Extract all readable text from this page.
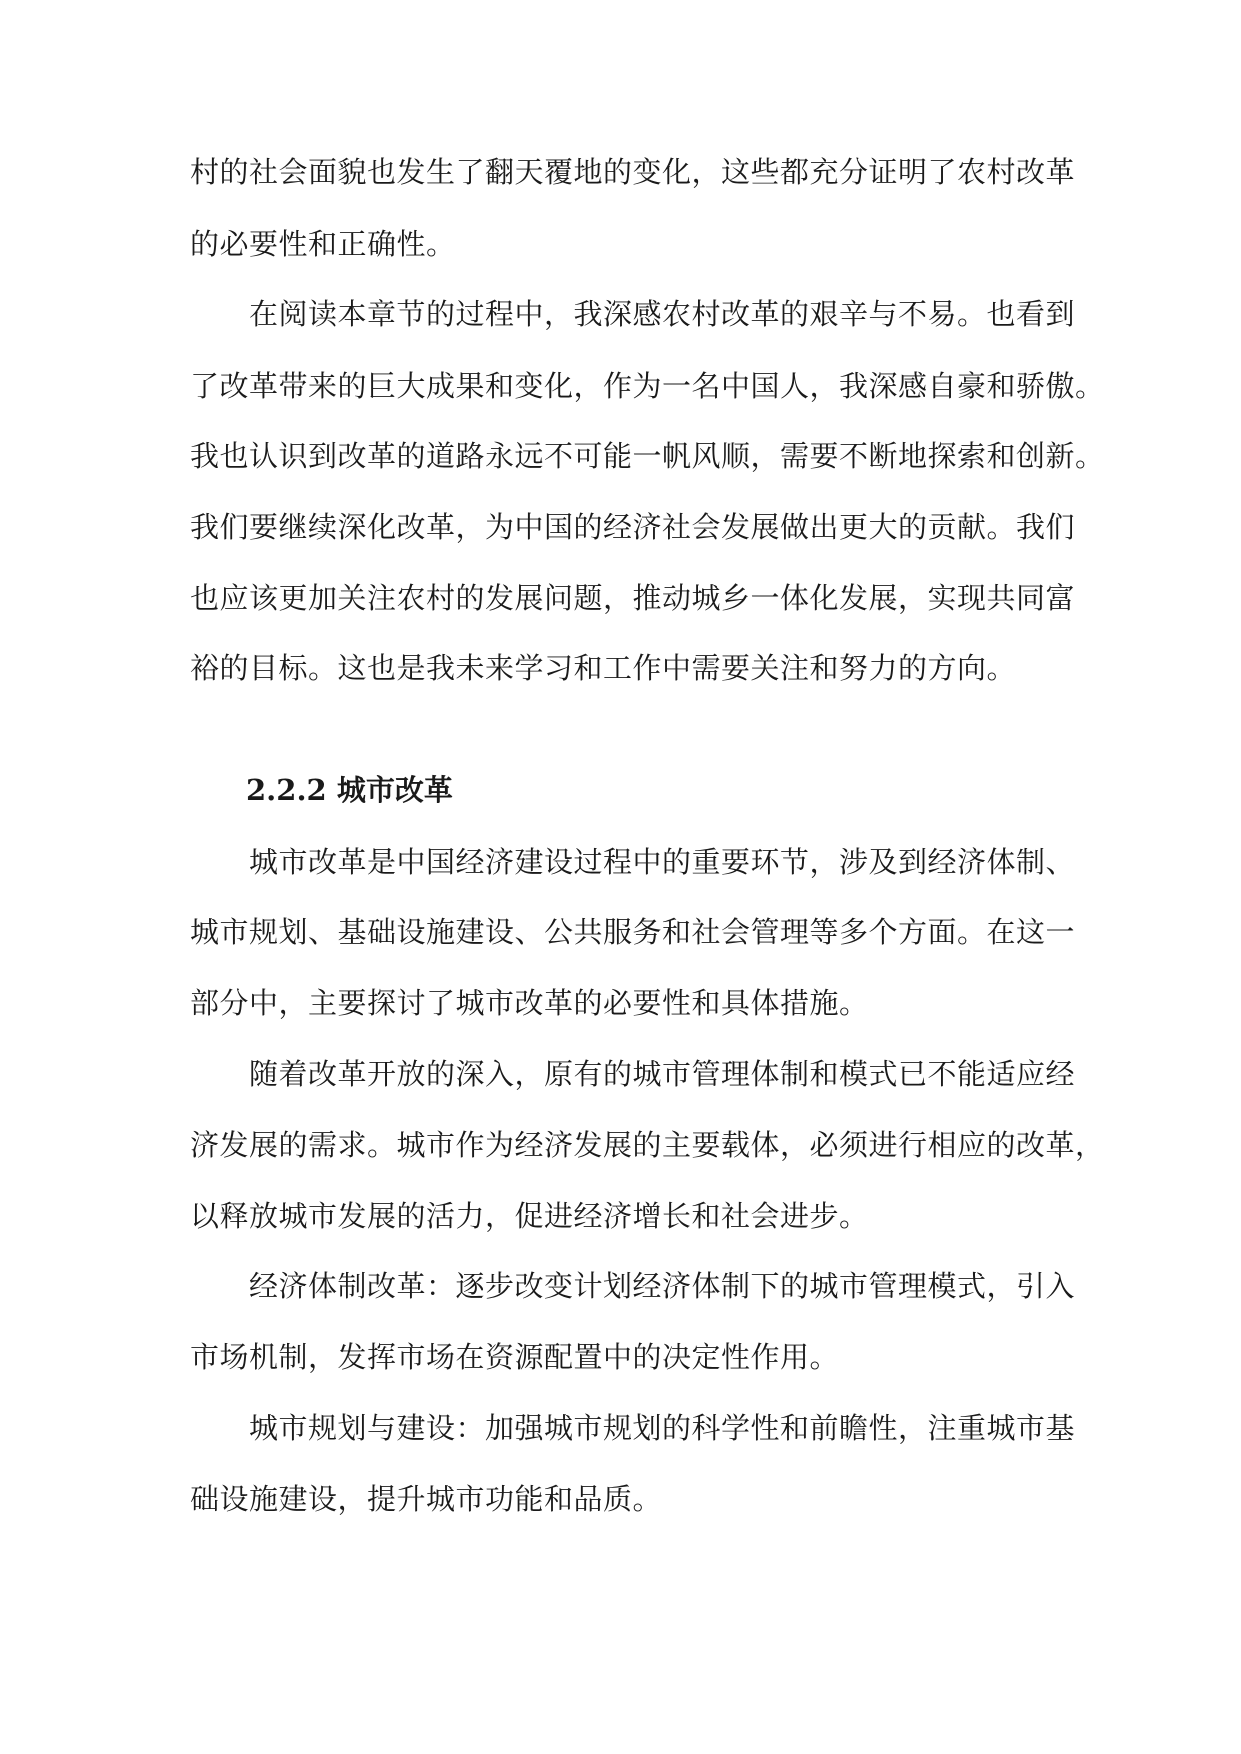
村的社会面貌也发生了翻天覆地的变化，这些都充分证明了农村改革
的必要性和正确性。
　　在阅读本章节的过程中，我深感农村改革的艰辛与不易。也看到
了改革带来的巨大成果和变化，作为一名中国人，我深感自豪和骄傲。
我也认识到改革的道路永远不可能一帆风顺，需要不断地探索和创新。
我们要继续深化改革，为中国的经济社会发展做出更大的贡献。我们
也应该更加关注农村的发展问题，推动城乡一体化发展，实现共同富
裕的目标。这也是我未来学习和工作中需要关注和努力的方向。
2.2.2 城市改革
　　城市改革是中国经济建设过程中的重要环节，涉及到经济体制、
城市规划、基础设施建设、公共服务和社会管理等多个方面。在这一
部分中，主要探讨了城市改革的必要性和具体措施。
　　随着改革开放的深入，原有的城市管理体制和模式已不能适应经
济发展的需求。城市作为经济发展的主要载体，必须进行相应的改革，
以释放城市发展的活力，促进经济增长和社会进步。
　　经济体制改革：逐步改变计划经济体制下的城市管理模式，引入
市场机制，发挥市场在资源配置中的决定性作用。
　　城市规划与建设：加强城市规划的科学性和前瞻性，注重城市基
础设施建设，提升城市功能和品质。
